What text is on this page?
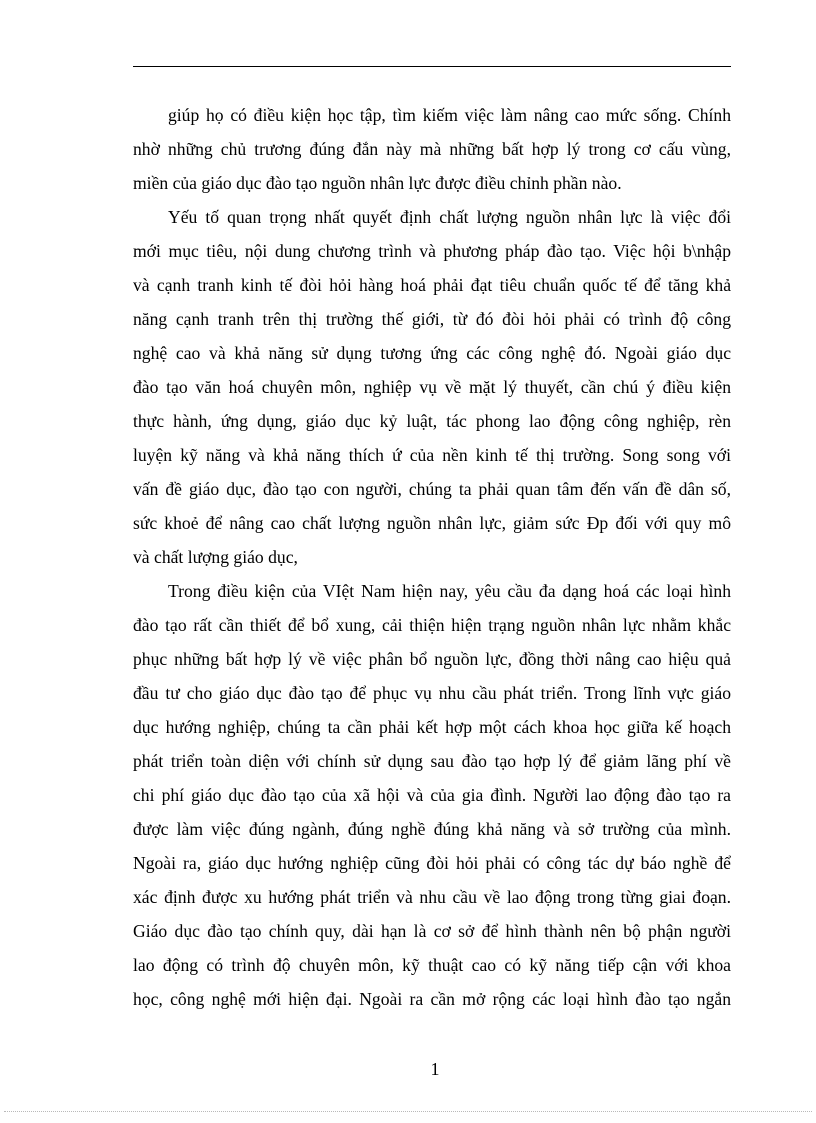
giúp họ có điều kiện học tập, tìm kiếm việc làm nâng cao mức sống. Chính
nhờ những chủ trương đúng đắn này mà những bất hợp lý trong cơ cấu vùng,
miền của giáo dục đào tạo nguồn nhân lực được điều chỉnh phần nào.
Yếu tố quan trọng nhất quyết định chất lượng nguồn nhân lực là việc đổi
mới mục tiêu, nội dung chương trình và phương pháp đào tạo. Việc hội b\nhập
và cạnh tranh kinh tế đòi hỏi hàng hoá phải đạt tiêu chuẩn quốc tế để tăng khả
năng cạnh tranh trên thị trường thế giới, từ đó đòi hỏi phải có trình độ công
nghệ cao và khả năng sử dụng tương ứng các công nghệ đó. Ngoài giáo dục
đào tạo văn hoá chuyên môn, nghiệp vụ về mặt lý thuyết, cần chú ý điều kiện
thực hành, ứng dụng, giáo dục kỷ luật, tác phong lao động công nghiệp, rèn
luyện kỹ năng và khả năng thích ứ của nền kinh tế thị trường. Song song với
vấn đề giáo dục, đào tạo con người, chúng ta phải quan tâm đến vấn đề dân số,
sức khoẻ để nâng cao chất lượng nguồn nhân lực, giảm sức Ðp đối với quy mô
và chất lượng giáo dục,
Trong điều kiện của VIệt Nam hiện nay, yêu cầu đa dạng hoá các loại hình
đào tạo rất cần thiết để bổ xung, cải thiện hiện trạng nguồn nhân lực nhằm khắc
phục những bất hợp lý về việc phân bổ nguồn lực, đồng thời nâng cao hiệu quả
đầu tư cho giáo dục đào tạo để phục vụ nhu cầu phát triển. Trong lĩnh vực giáo
dục hướng nghiệp, chúng ta cần phải kết hợp một cách khoa học giữa kế hoạch
phát triển toàn diện với chính sử dụng sau đào tạo hợp lý để giảm lãng phí về
chi phí giáo dục đào tạo của xã hội và của gia đình. Người lao động đào tạo ra
được làm việc đúng ngành, đúng nghề đúng khả năng và sở trường của mình.
Ngoài ra, giáo dục hướng nghiệp cũng đòi hỏi phải có công tác dự báo nghề để
xác định được xu hướng phát triển và nhu cầu về lao động trong từng giai đoạn.
Giáo dục đào tạo chính quy, dài hạn là cơ sở để hình thành nên bộ phận người
lao động có trình độ chuyên môn, kỹ thuật cao có kỹ năng tiếp cận với khoa
học, công nghệ mới hiện đại. Ngoài ra cần mở rộng các loại hình đào tạo ngắn
1
